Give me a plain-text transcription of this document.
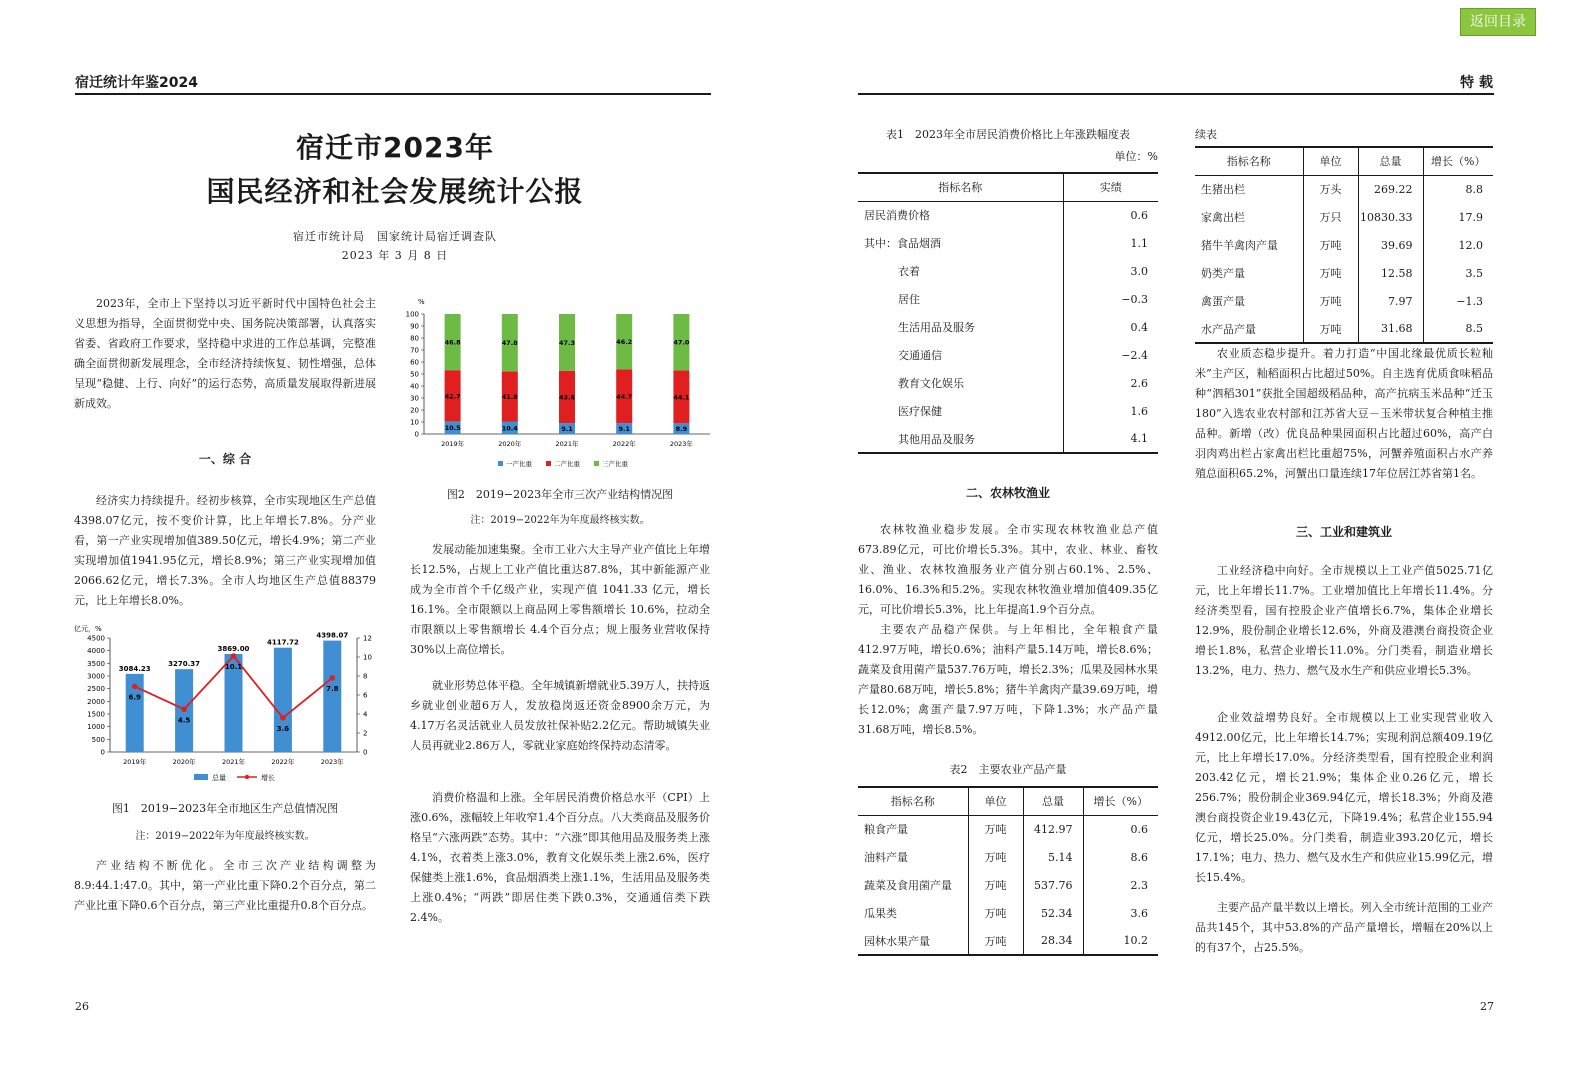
返回目录
宿迁统计年鉴2024
宿迁市2023年
国民经济和社会发展统计公报
宿迁市统计局　国家统计局宿迁调查队
2023 年 3 月 8 日
2023年，全市上下坚持以习近平新时代中国特色社会主义思想为指导，全面贯彻党中央、国务院决策部署，认真落实省委、省政府工作要求，坚持稳中求进的工作总基调，完整准确全面贯彻新发展理念，全市经济持续恢复、韧性增强，总体呈现“稳健、上行、向好”的运行态势，高质量发展取得新进展新成效。
一、综 合
经济实力持续提升。经初步核算，全市实现地区生产总值4398.07亿元，按不变价计算，比上年增长7.8%。分产业看，第一产业实现增加值389.50亿元，增长4.9%；第二产业实现增加值1941.95亿元，增长8.9%；第三产业实现增加值2066.62亿元，增长7.3%。全市人均地区生产总值88379元，比上年增长8.0%。
亿元，%
0
500
1000
1500
2000
2500
3000
3500
4000
4500
0
2
4
6
8
10
12
3084.23
2019年
3270.37
2020年
3869.00
2021年
4117.72
2022年
4398.07
2023年
6.9
4.5
10.1
3.6
7.8
总量	增长
图1　2019−2023年全市地区生产总值情况图
注：2019−2022年为年度最终核实数。
产业结构不断优化。全市三次产业结构调整为8.9:44.1:47.0。其中，第一产业比重下降0.2个百分点，第二产业比重下降0.6个百分点，第三产业比重提升0.8个百分点。
%
0
10
20
30
40
50
60
70
80
90
100
10.5
42.7
46.8
2019年
10.4
41.8
47.8
2020年
9.1
43.6
47.3
2021年
9.1
44.7
46.2
2022年
8.9
44.1
47.0
2023年
一产比重	二产比重	三产比重
图2　2019−2023年全市三次产业结构情况图
注：2019−2022年为年度最终核实数。
发展动能加速集聚。全市工业六大主导产业产值比上年增长12.5%，占规上工业产值比重达87.8%，其中新能源产业成为全市首个千亿级产业，实现产值 1041.33 亿元，增长 16.1%。全市限额以上商品网上零售额增长 10.6%，拉动全市限额以上零售额增长 4.4个百分点；规上服务业营收保持30%以上高位增长。
就业形势总体平稳。全年城镇新增就业5.39万人，扶持返乡就业创业超6万人，发放稳岗返还资金8900余万元，为4.17万名灵活就业人员发放社保补贴2.2亿元。帮助城镇失业人员再就业2.86万人，零就业家庭始终保持动态清零。
消费价格温和上涨。全年居民消费价格总水平（CPI）上涨0.6%，涨幅较上年收窄1.4个百分点。八大类商品及服务价格呈“六涨两跌”态势。其中：“六涨”即其他用品及服务类上涨4.1%，衣着类上涨3.0%，教育文化娱乐类上涨2.6%，医疗保健类上涨1.6%，食品烟酒类上涨1.1%，生活用品及服务类上涨0.4%；“两跌”即居住类下跌0.3%，交通通信类下跌2.4%。
26
特 载
表1　2023年全市居民消费价格比上年涨跌幅度表
单位：%
指标名称	实绩
居民消费价格	0.6
其中：食品烟酒	1.1
衣着	3.0
居住	−0.3
生活用品及服务	0.4
交通通信	−2.4
教育文化娱乐	2.6
医疗保健	1.6
其他用品及服务	4.1
二、农林牧渔业
农林牧渔业稳步发展。全市实现农林牧渔业总产值673.89亿元，可比价增长5.3%。其中，农业、林业、畜牧业、渔业、农林牧渔服务业产值分别占60.1%、2.5%、16.0%、16.3%和5.2%。实现农林牧渔业增加值409.35亿元，可比价增长5.3%，比上年提高1.9个百分点。
主要农产品稳产保供。与上年相比，全年粮食产量412.97万吨，增长0.6%；油料产量5.14万吨，增长8.6%；蔬菜及食用菌产量537.76万吨，增长2.3%；瓜果及园林水果产量80.68万吨，增长5.8%；猪牛羊禽肉产量39.69万吨，增长12.0%；禽蛋产量7.97万吨，下降1.3%；水产品产量31.68万吨，增长8.5%。
表2　主要农业产品产量
指标名称	单位	总量	增长（%）
粮食产量	万吨	412.97	0.6
油料产量	万吨	5.14	8.6
蔬菜及食用菌产量	万吨	537.76	2.3
瓜果类	万吨	52.34	3.6
园林水果产量	万吨	28.34	10.2
续表
指标名称	单位	总量	增长（%）
生猪出栏	万头	269.22	8.8
家禽出栏	万只	10830.33	17.9
猪牛羊禽肉产量	万吨	39.69	12.0
奶类产量	万吨	12.58	3.5
禽蛋产量	万吨	7.97	−1.3
水产品产量	万吨	31.68	8.5
农业质态稳步提升。着力打造“中国北缘最优质长粒籼米”主产区，籼稻面积占比超过50%。自主选育优质食味稻品种“泗稻301”获批全国超级稻品种，高产抗病玉米品种“迁玉180”入选农业农村部和江苏省大豆－玉米带状复合种植主推品种。新增（改）优良品种果园面积占比超过60%，高产白羽肉鸡出栏占家禽出栏比重超75%，河蟹养殖面积占水产养殖总面积65.2%，河蟹出口量连续17年位居江苏省第1名。
三、工业和建筑业
工业经济稳中向好。全市规模以上工业产值5025.71亿元，比上年增长11.7%。工业增加值比上年增长11.4%。分经济类型看，国有控股企业产值增长6.7%，集体企业增长12.9%，股份制企业增长12.6%，外商及港澳台商投资企业增长1.8%，私营企业增长11.0%。分门类看，制造业增长13.2%，电力、热力、燃气及水生产和供应业增长5.3%。
企业效益增势良好。全市规模以上工业实现营业收入4912.00亿元，比上年增长14.7%；实现利润总额409.19亿元，比上年增长17.0%。分经济类型看，国有控股企业利润203.42亿元，增长21.9%；集体企业0.26亿元，增长256.7%；股份制企业369.94亿元，增长18.3%；外商及港澳台商投资企业19.43亿元，下降19.4%；私营企业155.94亿元，增长25.0%。分门类看，制造业393.20亿元，增长17.1%；电力、热力、燃气及水生产和供应业15.99亿元，增长15.4%。
主要产品产量半数以上增长。列入全市统计范围的工业产品共145个，其中53.8%的产品产量增长，增幅在20%以上的有37个，占25.5%。
27
